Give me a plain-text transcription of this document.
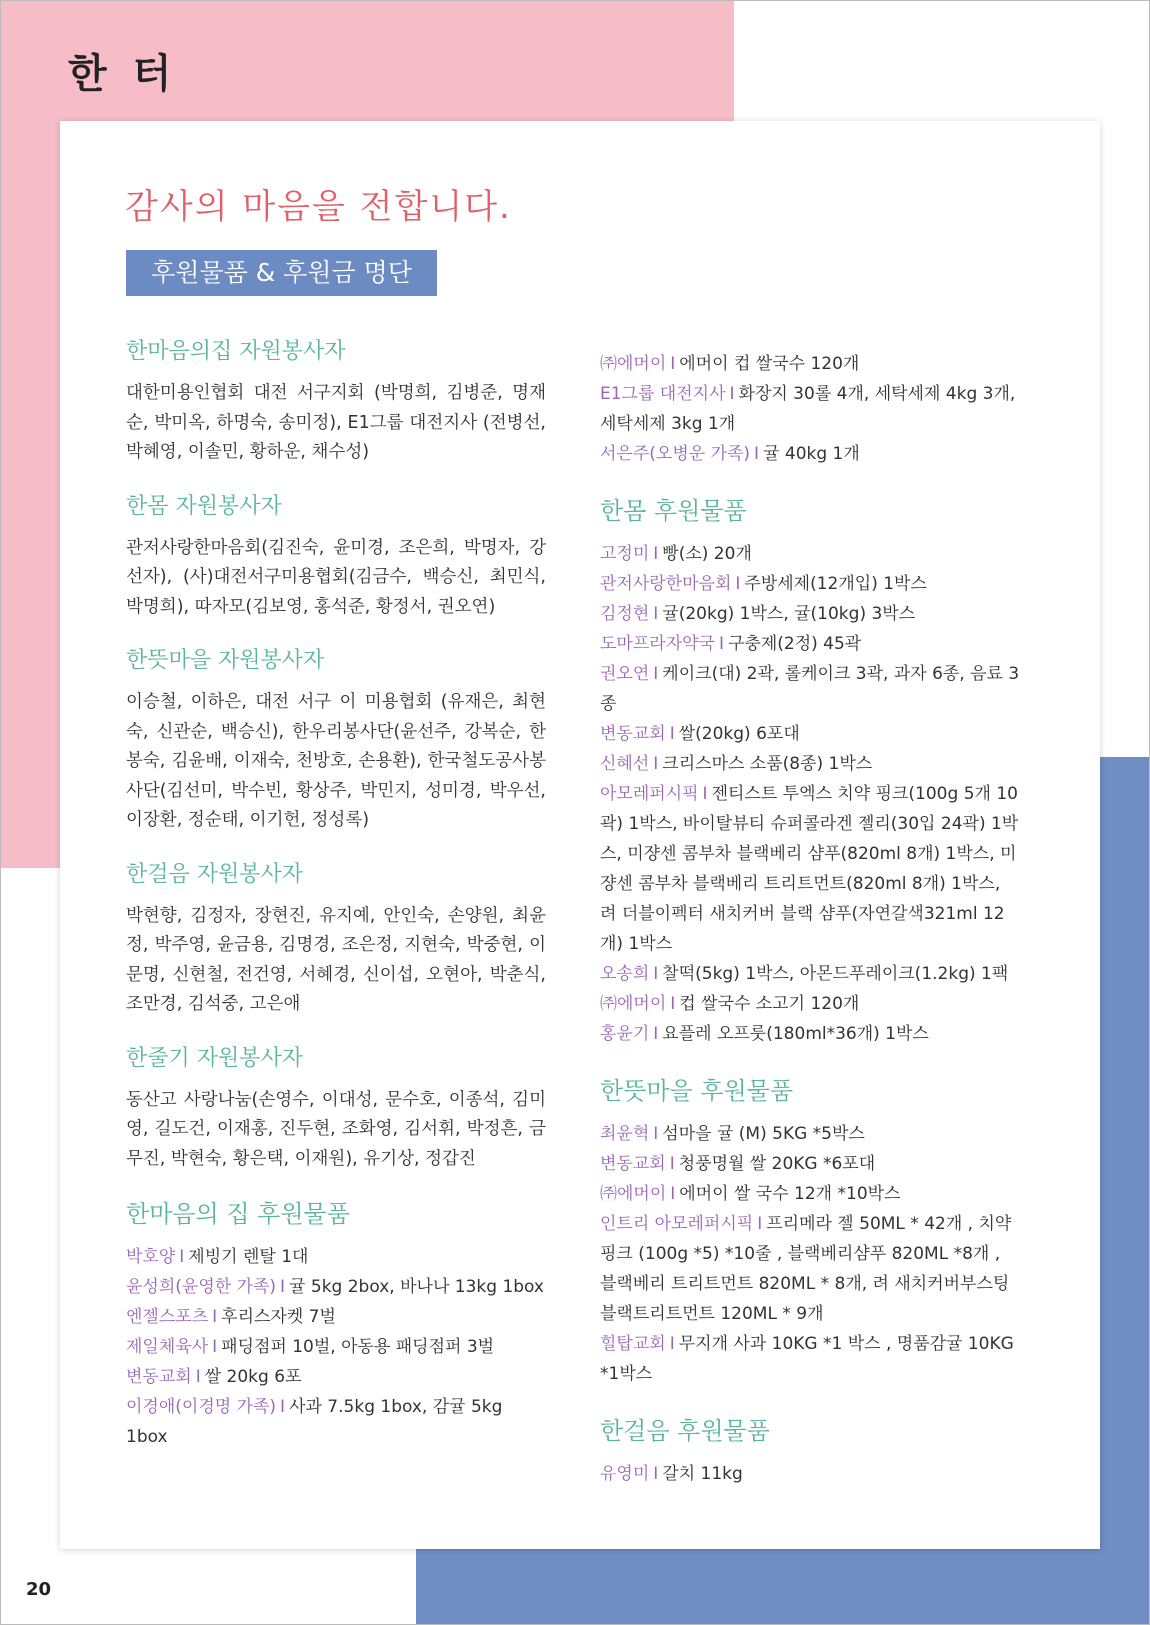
한 터
감사의 마음을 전합니다.
후원물품 & 후원금 명단
한마음의집 자원봉사자

대한미용인협회 대전 서구지회 (박명희, 김병준, 명재순, 박미옥, 하명숙, 송미정), E1그룹 대전지사 (전병선, 박혜영, 이솔민, 황하운, 채수성)

한몸 자원봉사자

관저사랑한마음회(김진숙, 윤미경, 조은희, 박명자, 강선자), (사)대전서구미용협회(김금수, 백승신, 최민식, 박명희), 따자모(김보영, 홍석준, 황정서, 권오연)

한뜻마을 자원봉사자

이승철, 이하은, 대전 서구 이 미용협회 (유재은, 최현숙, 신관순, 백승신), 한우리봉사단(윤선주, 강복순, 한봉숙, 김윤배, 이재숙, 천방호, 손용환), 한국철도공사봉사단(김선미, 박수빈, 황상주, 박민지, 성미경, 박우선, 이장환, 정순태, 이기헌, 정성록)

한걸음 자원봉사자

박현향, 김정자, 장현진, 유지예, 안인숙, 손양원, 최윤정, 박주영, 윤금용, 김명경, 조은정, 지현숙, 박중현, 이문명, 신현철, 전건영, 서혜경, 신이섭, 오현아, 박춘식, 조만경, 김석중, 고은애

한줄기 자원봉사자

동산고 사랑나눔(손영수, 이대성, 문수호, 이종석, 김미영, 길도건, 이재홍, 진두현, 조화영, 김서휘, 박정흔, 금무진, 박현숙, 황은택, 이재원), 유기상, 정갑진

한마음의 집 후원물품

박호양 I 제빙기 렌탈 1대

윤성희(윤영한 가족) I 귤 5kg 2box, 바나나 13kg 1box

엔젤스포츠 I 후리스자켓 7벌

제일체육사 I 패딩점퍼 10벌, 아동용 패딩점퍼 3벌

변동교회 I 쌀 20kg 6포

이경애(이경명 가족) I 사과 7.5kg 1box, 감귤 5kg 1box

㈜에머이 I 에머이 컵 쌀국수 120개

E1그룹 대전지사 I 화장지 30롤 4개, 세탁세제 4kg 3개, 세탁세제 3kg 1개

서은주(오병운 가족) I 귤 40kg 1개

한몸 후원물품

고정미 I 빵(소) 20개

관저사랑한마음회 I 주방세제(12개입) 1박스

김정현 I 귤(20kg) 1박스, 귤(10kg) 3박스

도마프라자약국 I 구충제(2정) 45곽

권오연 I 케이크(대) 2곽, 롤케이크 3곽, 과자 6종, 음료 3종

변동교회 I 쌀(20kg) 6포대

신혜선 I 크리스마스 소품(8종) 1박스

아모레퍼시픽 I 젠티스트 투엑스 치약 핑크(100g 5개 10곽) 1박스, 바이탈뷰티 슈퍼콜라겐 젤리(30입 24곽) 1박스, 미쟝센 콤부차 블랙베리 샴푸(820ml 8개) 1박스, 미쟝센 콤부차 블랙베리 트리트먼트(820ml 8개) 1박스, 려 더블이펙터 새치커버 블랙 샴푸(자연갈색321ml 12개) 1박스

오송희 I 찰떡(5kg) 1박스, 아몬드푸레이크(1.2kg) 1팩

㈜에머이 I 컵 쌀국수 소고기 120개

홍윤기 I 요플레 오프룻(180ml*36개) 1박스

한뜻마을 후원물품

최윤혁 I 섬마을 귤 (M) 5KG *5박스

변동교회 I 청풍명월 쌀 20KG *6포대

㈜에머이 I 에머이 쌀 국수 12개 *10박스

인트리 아모레퍼시픽 I 프리메라 젤 50ML * 42개 , 치약 핑크 (100g *5) *10줄 , 블랙베리샴푸 820ML *8개 , 블랙베리 트리트먼트 820ML * 8개, 려 새치커버부스팅 블랙트리트먼트 120ML * 9개

힐탑교회 I 무지개 사과 10KG *1 박스 , 명품감귤 10KG *1박스

한걸음 후원물품

유영미 I 갈치 11kg

20
